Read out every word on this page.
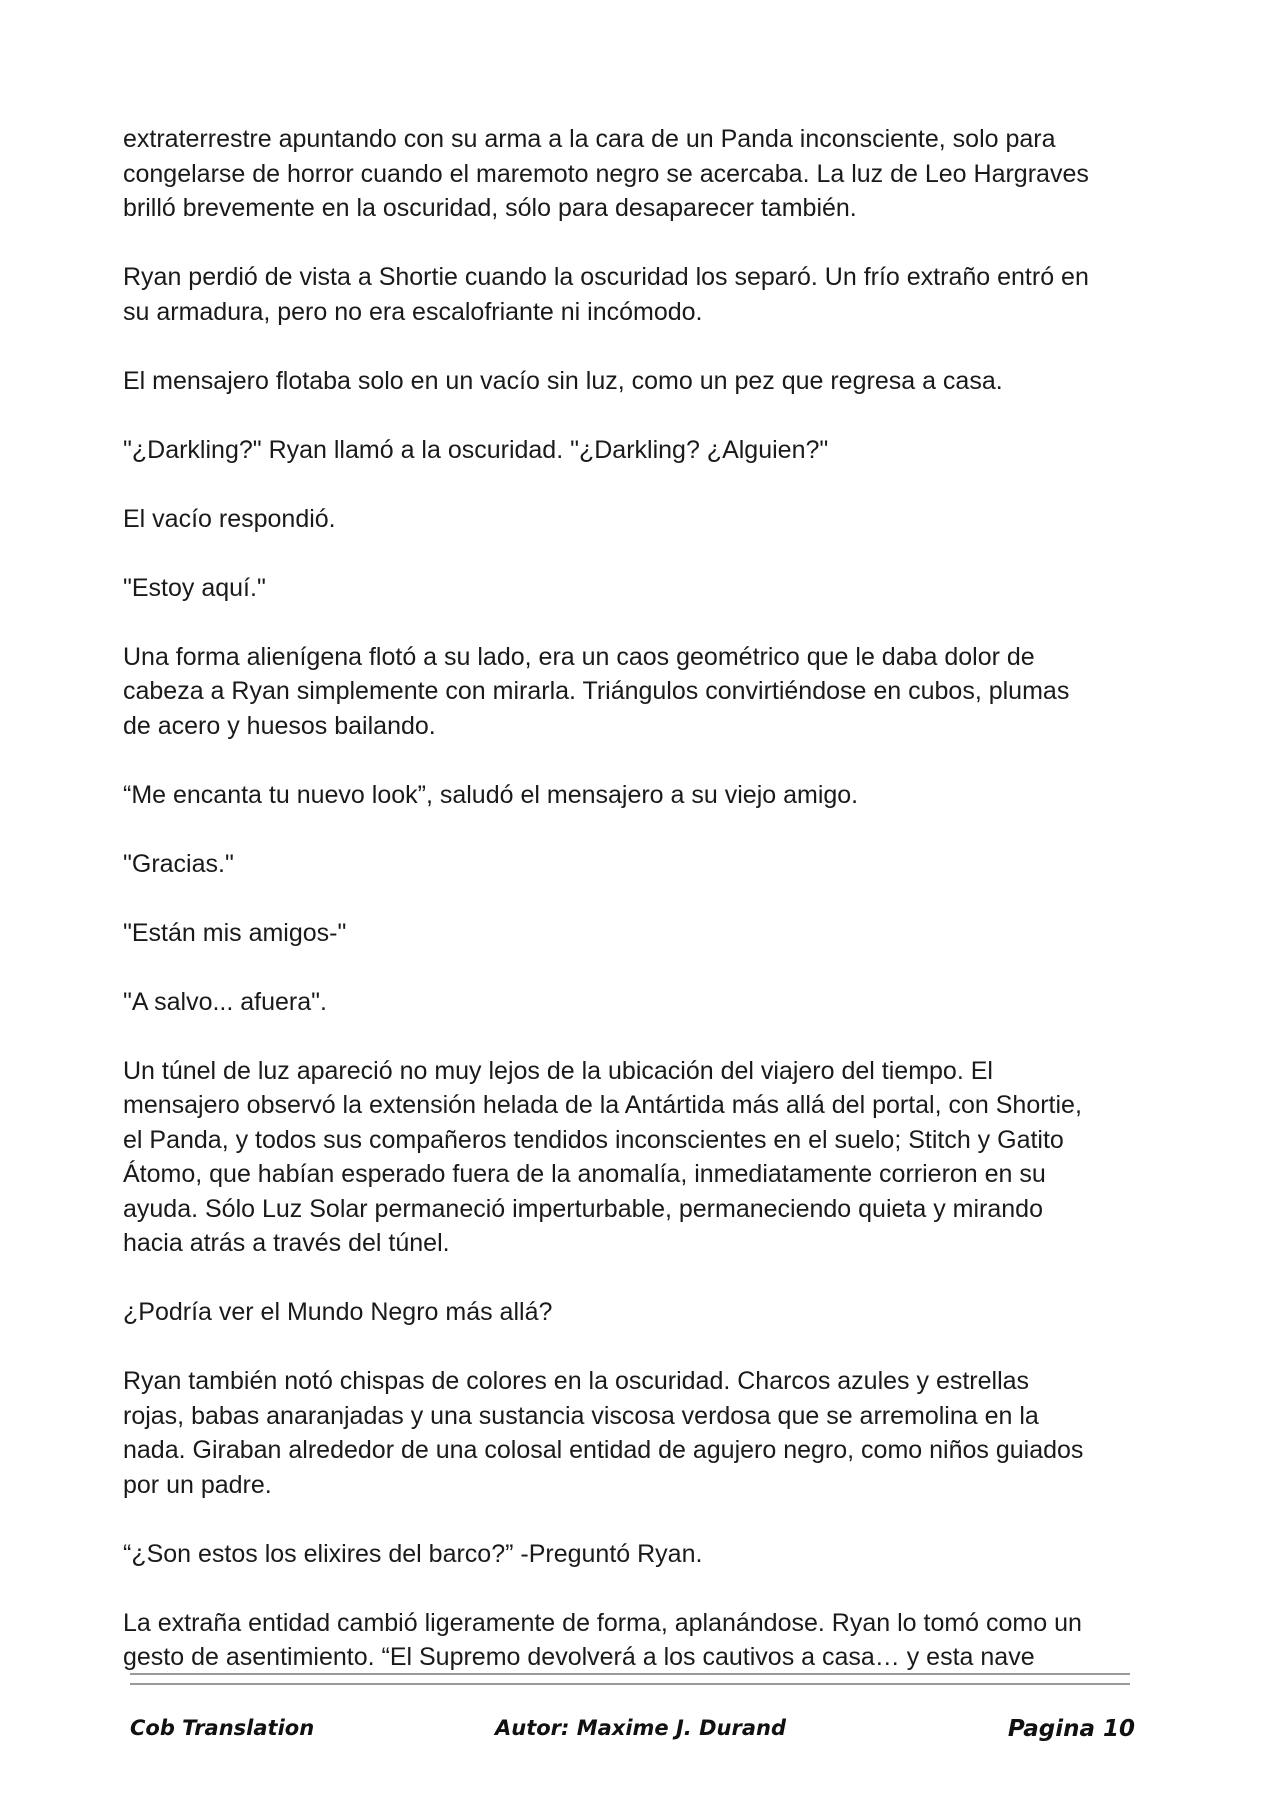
extraterrestre apuntando con su arma a la cara de un Panda inconsciente, solo para
congelarse de horror cuando el maremoto negro se acercaba. La luz de Leo Hargraves
brilló brevemente en la oscuridad, sólo para desaparecer también.

Ryan perdió de vista a Shortie cuando la oscuridad los separó. Un frío extraño entró en
su armadura, pero no era escalofriante ni incómodo.

El mensajero flotaba solo en un vacío sin luz, como un pez que regresa a casa.

"¿Darkling?" Ryan llamó a la oscuridad. "¿Darkling? ¿Alguien?"

El vacío respondió.

"Estoy aquí."

Una forma alienígena flotó a su lado, era un caos geométrico que le daba dolor de
cabeza a Ryan simplemente con mirarla. Triángulos convirtiéndose en cubos, plumas
de acero y huesos bailando.

“Me encanta tu nuevo look”, saludó el mensajero a su viejo amigo.

"Gracias."

"Están mis amigos-"

"A salvo... afuera".

Un túnel de luz apareció no muy lejos de la ubicación del viajero del tiempo. El
mensajero observó la extensión helada de la Antártida más allá del portal, con Shortie,
el Panda, y todos sus compañeros tendidos inconscientes en el suelo; Stitch y Gatito
Átomo, que habían esperado fuera de la anomalía, inmediatamente corrieron en su
ayuda. Sólo Luz Solar permaneció imperturbable, permaneciendo quieta y mirando
hacia atrás a través del túnel.

¿Podría ver el Mundo Negro más allá?

Ryan también notó chispas de colores en la oscuridad. Charcos azules y estrellas
rojas, babas anaranjadas y una sustancia viscosa verdosa que se arremolina en la
nada. Giraban alrededor de una colosal entidad de agujero negro, como niños guiados
por un padre.

“¿Son estos los elixires del barco?” -Preguntó Ryan.

La extraña entidad cambió ligeramente de forma, aplanándose. Ryan lo tomó como un
gesto de asentimiento. “El Supremo devolverá a los cautivos a casa… y esta nave

Cob Translation	Autor: Maxime J. Durand	Pagina 10
